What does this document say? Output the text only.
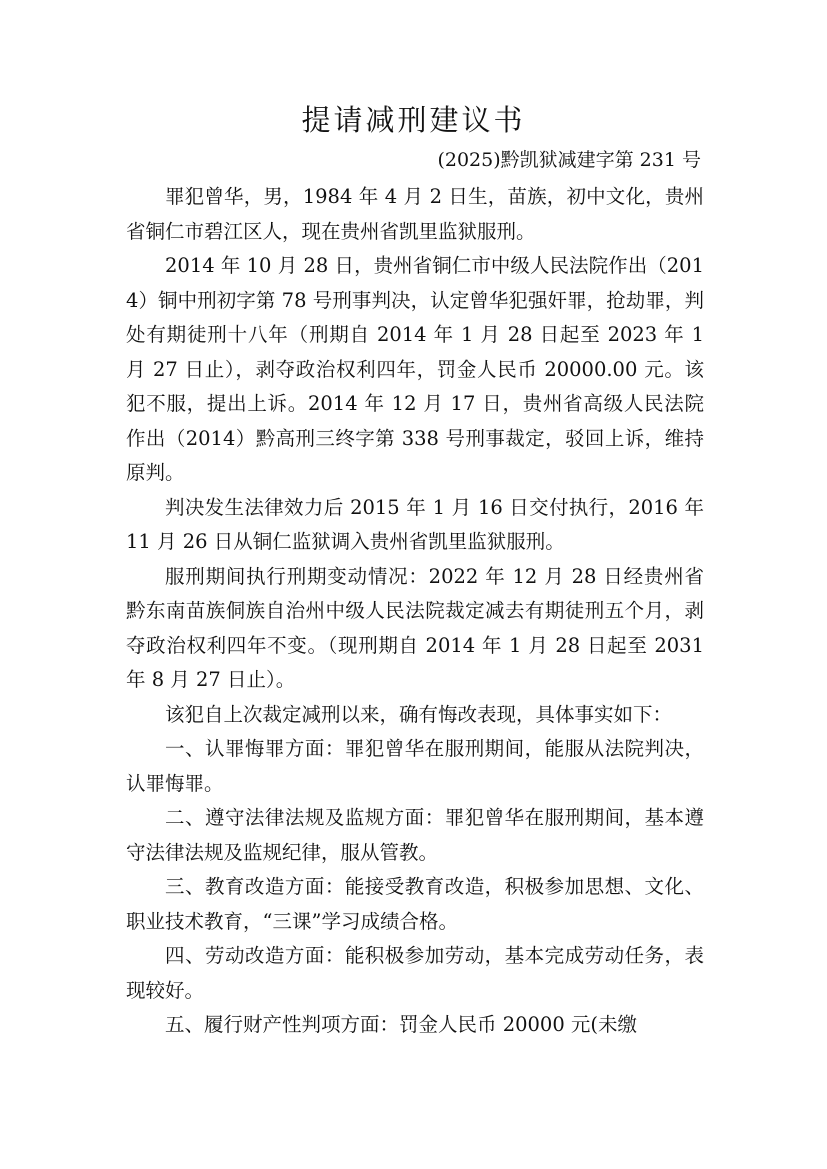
提请减刑建议书
(2025)黔凯狱减建字第 231 号

罪犯曾华，男，1984 年 4 月 2 日生，苗族，初中文化，贵州省铜仁市碧江区人，现在贵州省凯里监狱服刑。

2014 年 10 月 28 日，贵州省铜仁市中级人民法院作出（2014）铜中刑初字第 78 号刑事判决，认定曾华犯强奸罪，抢劫罪，判处有期徒刑十八年（刑期自 2014 年 1 月 28 日起至 2023 年 1 月 27 日止），剥夺政治权利四年，罚金人民币 20000.00 元。该犯不服，提出上诉。2014 年 12 月 17 日，贵州省高级人民法院作出（2014）黔高刑三终字第 338 号刑事裁定，驳回上诉，维持原判。

判决发生法律效力后 2015 年 1 月 16 日交付执行，2016 年 11 月 26 日从铜仁监狱调入贵州省凯里监狱服刑。

服刑期间执行刑期变动情况：2022 年 12 月 28 日经贵州省黔东南苗族侗族自治州中级人民法院裁定减去有期徒刑五个月，剥夺政治权利四年不变。（现刑期自 2014 年 1 月 28 日起至 2031 年 8 月 27 日止）。

该犯自上次裁定减刑以来，确有悔改表现，具体事实如下：

一、认罪悔罪方面：罪犯曾华在服刑期间，能服从法院判决，认罪悔罪。

二、遵守法律法规及监规方面：罪犯曾华在服刑期间，基本遵守法律法规及监规纪律，服从管教。

三、教育改造方面：能接受教育改造，积极参加思想、文化、职业技术教育，“三课”学习成绩合格。

四、劳动改造方面：能积极参加劳动，基本完成劳动任务，表现较好。

五、履行财产性判项方面：罚金人民币 20000 元(未缴
